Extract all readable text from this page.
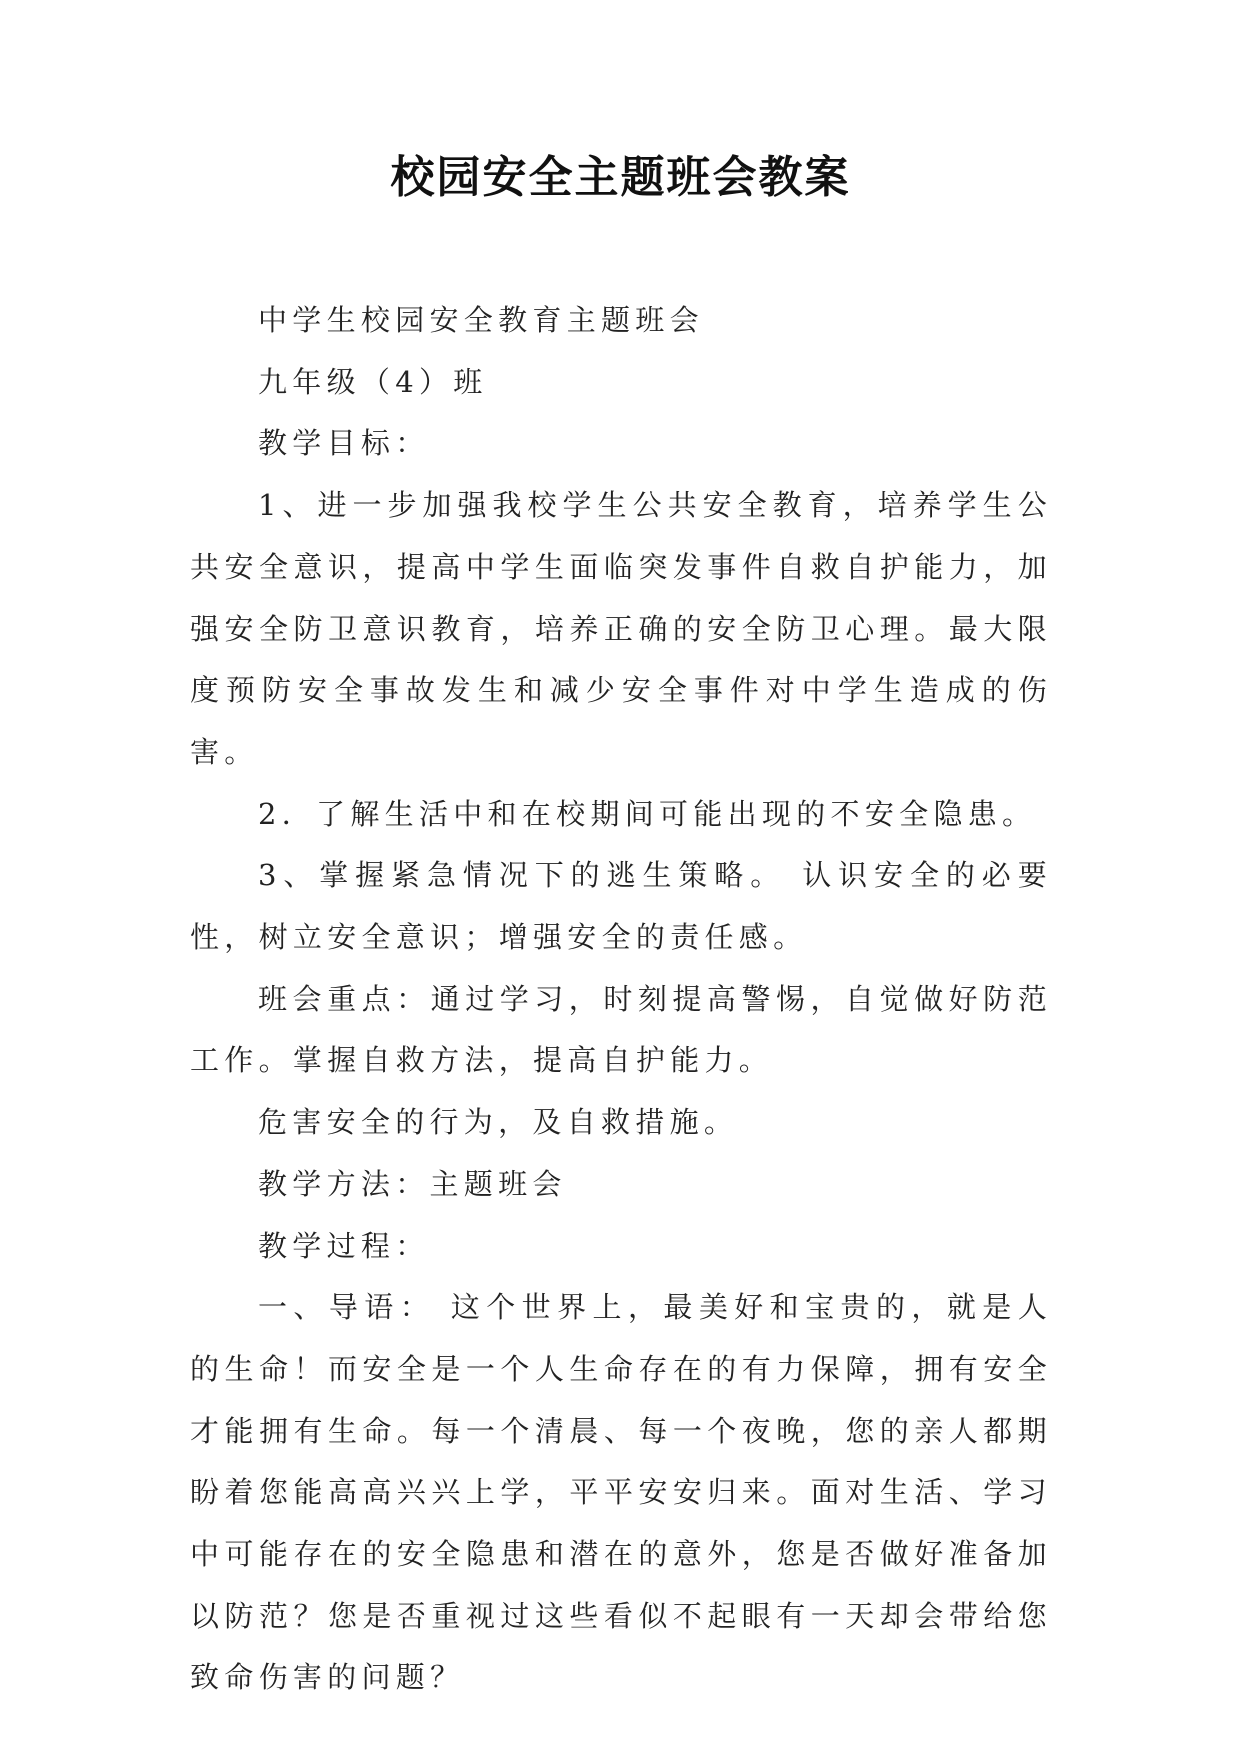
校园安全主题班会教案

中学生校园安全教育主题班会

九年级（4）班

教学目标：

1、进一步加强我校学生公共安全教育，培养学生公共安全意识，提高中学生面临突发事件自救自护能力，加强安全防卫意识教育，培养正确的安全防卫心理。最大限度预防安全事故发生和减少安全事件对中学生造成的伤害。

2．了解生活中和在校期间可能出现的不安全隐患。

3、掌握紧急情况下的逃生策略。 认识安全的必要性，树立安全意识；增强安全的责任感。

班会重点：通过学习，时刻提高警惕，自觉做好防范工作。掌握自救方法，提高自护能力。

危害安全的行为，及自救措施。

教学方法：主题班会

教学过程：

一、导语： 这个世界上，最美好和宝贵的，就是人的生命！而安全是一个人生命存在的有力保障，拥有安全才能拥有生命。每一个清晨、每一个夜晚，您的亲人都期盼着您能高高兴兴上学，平平安安归来。面对生活、学习中可能存在的安全隐患和潜在的意外，您是否做好准备加以防范？您是否重视过这些看似不起眼有一天却会带给您致命伤害的问题？
